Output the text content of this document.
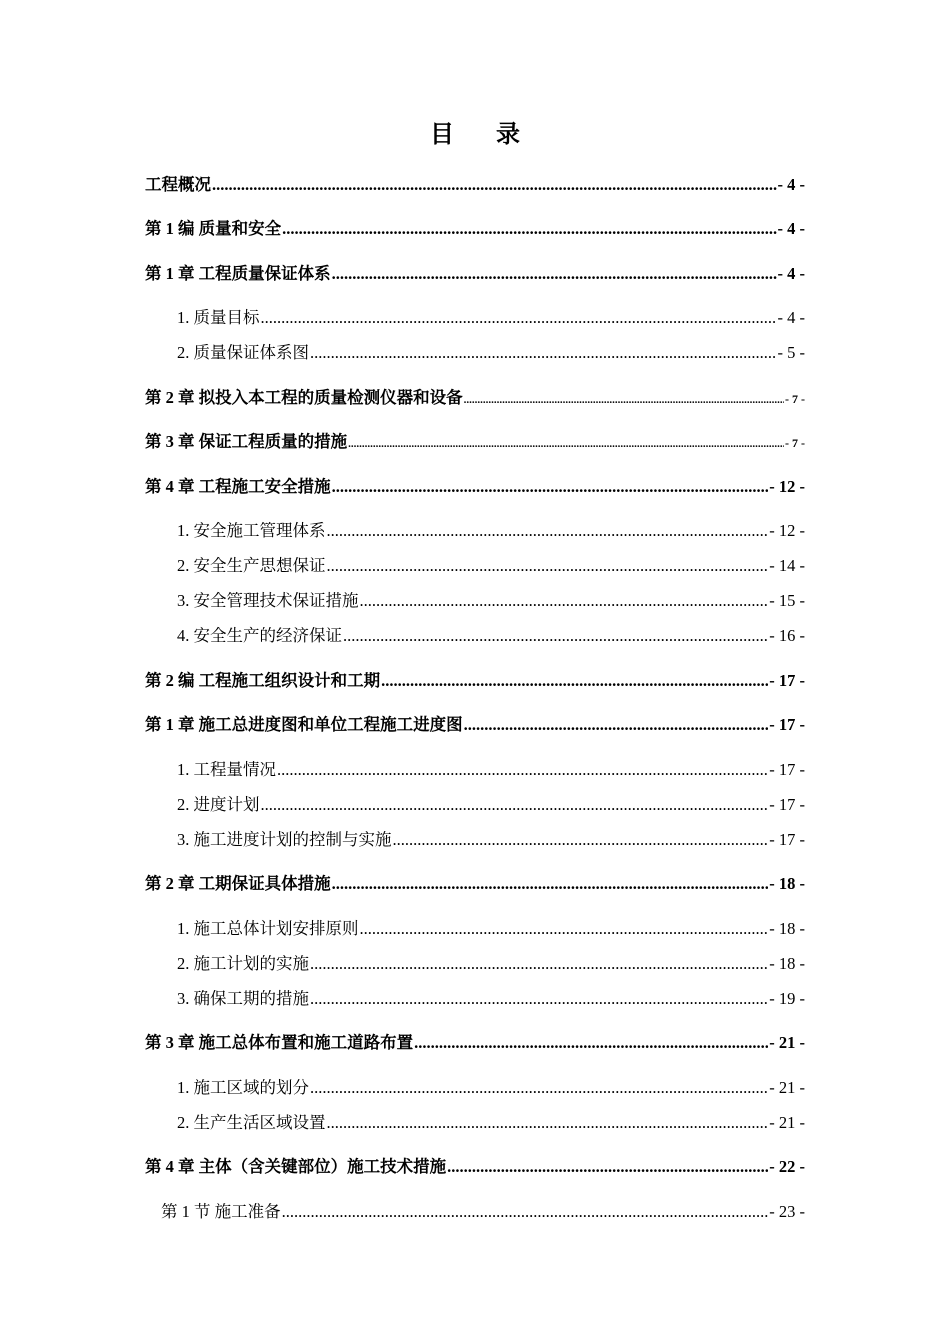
目 录
工程概况 .....	- 4 -
第 1 编 质量和安全 .....	- 4 -
第 1 章 工程质量保证体系 .....	- 4 -
1. 质量目标 .....	- 4 -
2. 质量保证体系图 .....	- 5 -
第 2 章 拟投入本工程的质量检测仪器和设备 .....	- 7 -
第 3 章 保证工程质量的措施 .....	- 7 -
第 4 章 工程施工安全措施 .....	- 12 -
1. 安全施工管理体系 .....	- 12 -
2. 安全生产思想保证 .....	- 14 -
3. 安全管理技术保证措施 .....	- 15 -
4. 安全生产的经济保证 .....	- 16 -
第 2 编 工程施工组织设计和工期 .....	- 17 -
第 1 章 施工总进度图和单位工程施工进度图 .....	- 17 -
1. 工程量情况 .....	- 17 -
2. 进度计划 .....	- 17 -
3. 施工进度计划的控制与实施 .....	- 17 -
第 2 章 工期保证具体措施 .....	- 18 -
1. 施工总体计划安排原则 .....	- 18 -
2. 施工计划的实施 .....	- 18 -
3. 确保工期的措施 .....	- 19 -
第 3 章 施工总体布置和施工道路布置 .....	- 21 -
1. 施工区域的划分 .....	- 21 -
2. 生产生活区域设置 .....	- 21 -
第 4 章 主体（含关键部位）施工技术措施 .....	- 22 -
第 1 节 施工准备 .....	- 23 -
